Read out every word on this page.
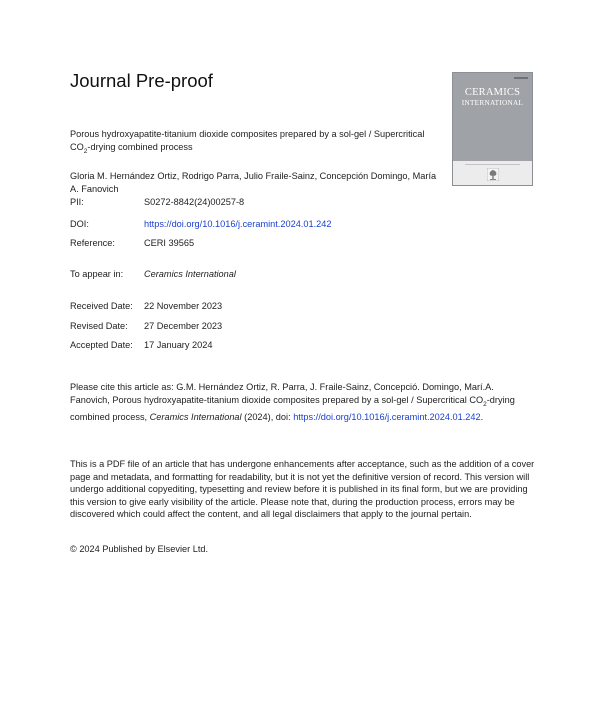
Journal Pre-proof
CERAMICS
INTERNATIONAL
Porous hydroxyapatite-titanium dioxide composites prepared by a sol-gel / Supercritical $CO_2$-drying combined process
Gloria M. Hernández Ortiz, Rodrigo Parra, Julio Fraile-Sainz, Concepción Domingo, María A. Fanovich
PII:	S0272-8842(24)00257-8
DOI:	https://doi.org/10.1016/j.ceramint.2024.01.242
Reference:	CERI 39565
To appear in: Ceramics International
Received Date: 22 November 2023
Revised Date: 27 December 2023
Accepted Date: 17 January 2024
Please cite this article as: G.M. Hernández Ortiz, R. Parra, J. Fraile-Sainz, Concepció. Domingo, Marí.A. Fanovich, Porous hydroxyapatite-titanium dioxide composites prepared by a sol-gel / Supercritical $CO_2$-drying combined process, Ceramics International (2024), doi: https://doi.org/10.1016/j.ceramint.2024.01.242.
This is a PDF file of an article that has undergone enhancements after acceptance, such as the addition of a cover page and metadata, and formatting for readability, but it is not yet the definitive version of record. This version will undergo additional copyediting, typesetting and review before it is published in its final form, but we are providing this version to give early visibility of the article. Please note that, during the production process, errors may be discovered which could affect the content, and all legal disclaimers that apply to the journal pertain.
© 2024 Published by Elsevier Ltd.
